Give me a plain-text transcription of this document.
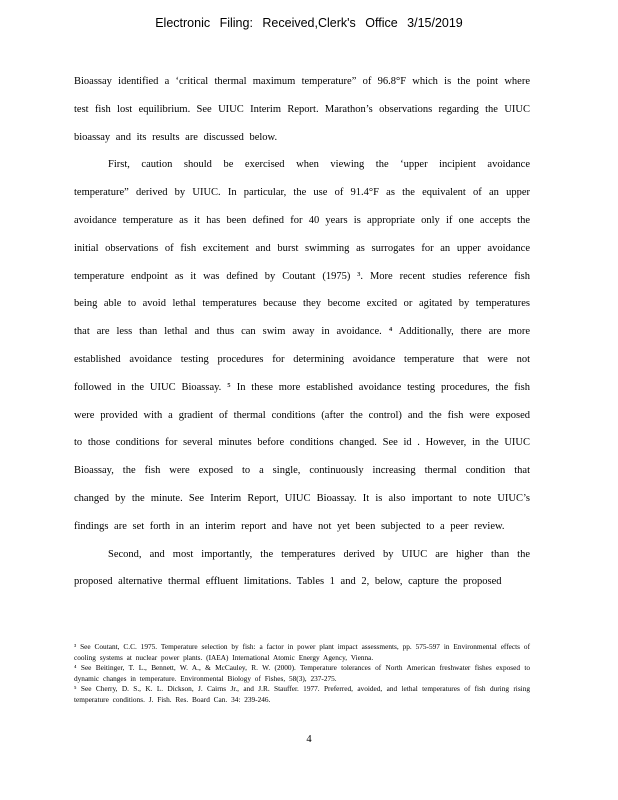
Electronic Filing: Received,Clerk's Office 3/15/2019

Bioassay identified a ‘critical thermal maximum temperature” of 96.8°F which is the point where test fish lost equilibrium. See UIUC Interim Report. Marathon’s observations regarding the UIUC bioassay and its results are discussed below.

First, caution should be exercised when viewing the ‘upper incipient avoidance temperature” derived by UIUC. In particular, the use of 91.4°F as the equivalent of an upper avoidance temperature as it has been defined for 40 years is appropriate only if one accepts the initial observations of fish excitement and burst swimming as surrogates for an upper avoidance temperature endpoint as it was defined by Coutant (1975) ³. More recent studies reference fish being able to avoid lethal temperatures because they become excited or agitated by temperatures that are less than lethal and thus can swim away in avoidance. ⁴ Additionally, there are more established avoidance testing procedures for determining avoidance temperature that were not followed in the UIUC Bioassay. ⁵ In these more established avoidance testing procedures, the fish were provided with a gradient of thermal conditions (after the control) and the fish were exposed to those conditions for several minutes before conditions changed. See id . However, in the UIUC Bioassay, the fish were exposed to a single, continuously increasing thermal condition that changed by the minute. See Interim Report, UIUC Bioassay. It is also important to note UIUC’s findings are set forth in an interim report and have not yet been subjected to a peer review.

Second, and most importantly, the temperatures derived by UIUC are higher than the proposed alternative thermal effluent limitations. Tables 1 and 2, below, capture the proposed

³ See Coutant, C.C. 1975. Temperature selection by fish: a factor in power plant impact assessments, pp. 575-597 in Environmental effects of cooling systems at nuclear power plants. (IAEA) International Atomic Energy Agency, Vienna.

⁴ See Beitinger, T. L., Bennett, W. A., & McCauley, R. W. (2000). Temperature tolerances of North American freshwater fishes exposed to dynamic changes in temperature. Environmental Biology of Fishes, 58(3), 237-275.

⁵ See Cherry, D. S., K. L. Dickson, J. Cairns Jr., and J.R. Stauffer. 1977. Preferred, avoided, and lethal temperatures of fish during rising temperature conditions. J. Fish. Res. Board Can. 34: 239-246.

4
